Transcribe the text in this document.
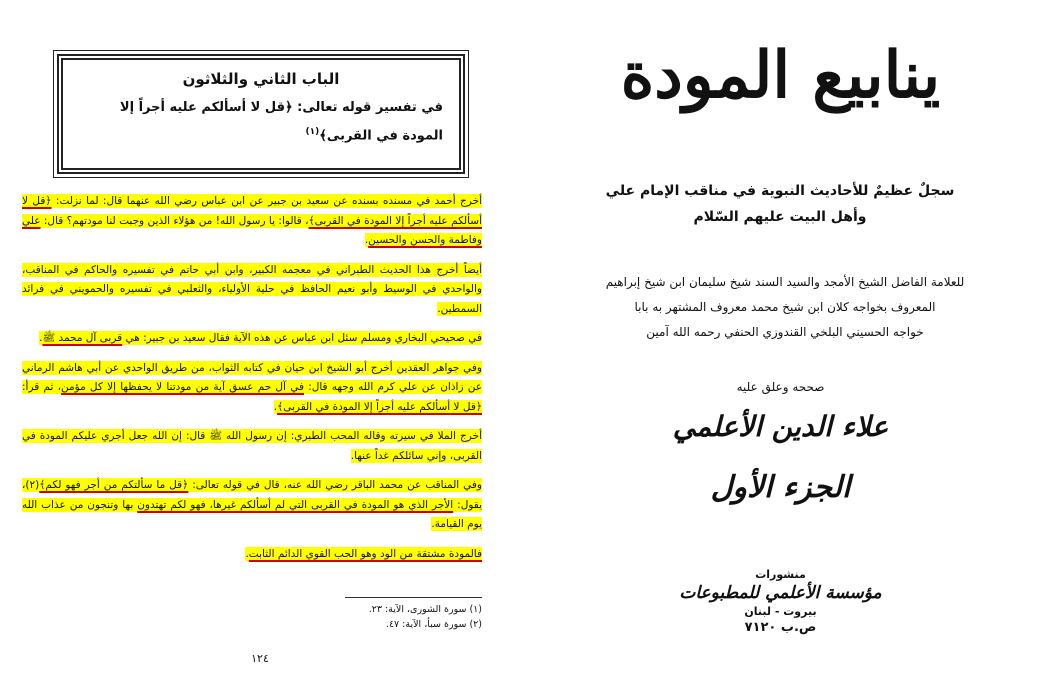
الباب الثاني والثلاثون
في تفسير قوله تعالى: ﴿قل لا أسألكم عليه أجراً إلا المودة في القربى﴾$^{(١)}$
أخرج أحمد في مسنده بسنده عن سعيد بن جبير عن ابن عباس رضي الله عنهما قال: لما نزلت: ﴿قل لا أسألكم عليه أجراً إلا المودة في القربى﴾، قالوا: يا رسول الله! من هؤلاء الذين وجبت لنا مودتهم؟ قال: علي وفاطمة والحسن والحسين.
أيضاً أخرج هذا الحديث الطبراني في معجمه الكبير، وابن أبي حاتم في تفسيره والحاكم في المناقب، والواحدي في الوسيط وأبو نعيم الحافظ في حلية الأولياء، والثعلبي في تفسيره والحمويني في فرائد السمطين.
في صحيحي البخاري ومسلم سئل ابن عباس عن هذه الآية فقال سعيد بن جبير: هي قربى آل محمد ﷺ.
وفي جواهر العقدين أخرج أبو الشيخ ابن حيان في كتابه الثواب، من طريق الواحدي عن أبي هاشم الرماني عن زاذان عن علي كرم الله وجهه قال: في آل حم عسق آية من مودتنا لا يحفظها إلا كل مؤمن، ثم قرأ: ﴿قل لا أسألكم عليه أجراً إلا المودة في القربى﴾.
أخرج الملا في سيرته وقاله المحب الطبري: إن رسول الله ﷺ قال: إن الله جعل أجري عليكم المودة في القربى، وإني سائلكم غداً عنها.
وفي المناقب عن محمد الباقر رضي الله عنه، قال في قوله تعالى: ﴿قل ما سألتكم من أجر فهو لكم﴾(٢)، يقول: الأجر الذي هو المودة في القربى التي لم أسألكم غيرها، فهو لكم تهتدون بها وتنجون من عذاب الله يوم القيامة.
فالمودة مشتقة من الود وهو الحب القوي الدائم الثابت.
(١) سورة الشورى، الآية: ٢٣.
(٢) سورة سبأ، الآية: ٤٧.
١٢٤
ينابيع المودة
سجلٌ عظيمٌ للأحاديث النبوية في مناقب الإمام علي
وأهل البيت عليهم السّلام
للعلامة الفاضل الشيخ الأمجد والسيد السند شيخ سليمان ابن شيخ إبراهيم
المعروف بخواجه كلان ابن شيخ محمد معروف المشتهر به بابا
خواجه الحسيني البلخي القندوزي الحنفي رحمه الله آمين
صححه وعلق عليه
علاء الدين الأعلمي
الجزء الأول
منشورات
مؤسسة الأعلمي للمطبوعات
بيروت - لبنان
ص.ب ٧١٢٠
